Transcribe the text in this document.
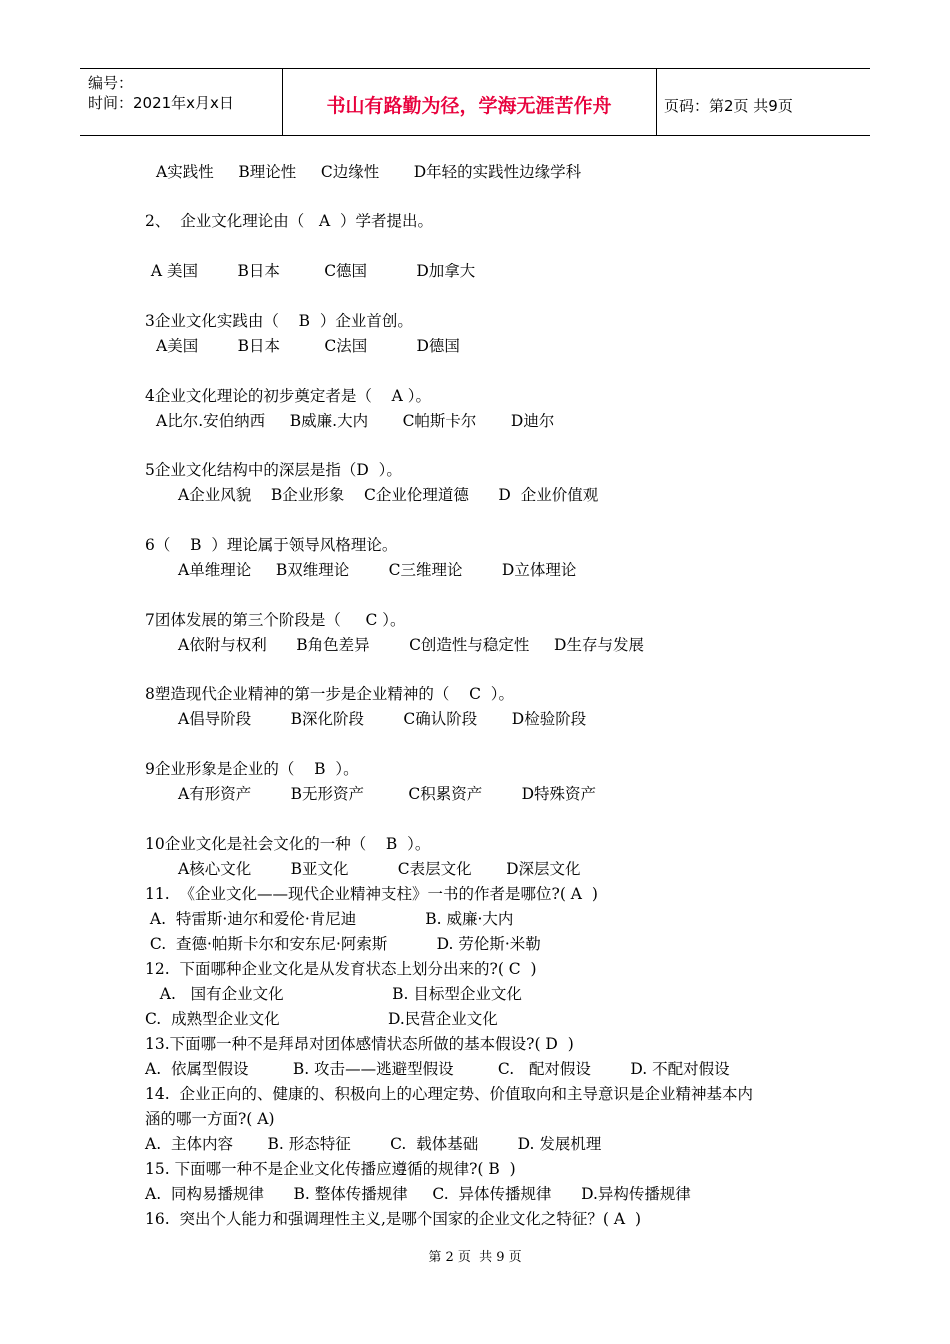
编号：
时间：2021年x月x日	书山有路勤为径，学海无涯苦作舟	页码：第2页 共9页
A实践性     B理论性     C边缘性       D年轻的实践性边缘学科
2、  企业文化理论由（   A  ）学者提出。
A 美国        B日本         C德国          D加拿大
3企业文化实践由（    B  ）企业首创。
A美国        B日本         C法国          D德国
4企业文化理论的初步奠定者是（    A ）。
A比尔.安伯纳西     B威廉.大内       C帕斯卡尔       D迪尔
5企业文化结构中的深层是指（D  ）。
A企业风貌    B企业形象    C企业伦理道德      D  企业价值观
6（    B  ）理论属于领导风格理论。
A单维理论     B双维理论        C三维理论        D立体理论
7团体发展的第三个阶段是（     C ）。
A依附与权利      B角色差异        C创造性与稳定性     D生存与发展
8塑造现代企业精神的第一步是企业精神的（    C  ）。
A倡导阶段        B深化阶段        C确认阶段       D检验阶段
9企业形象是企业的（    B  ）。
A有形资产        B无形资产         C积累资产        D特殊资产
10企业文化是社会文化的一种（    B  ）。
A核心文化        B亚文化          C表层文化       D深层文化
11.  《企业文化——现代企业精神支柱》一书的作者是哪位?( A  )
A.  特雷斯·迪尔和爱伦·肯尼迪              B. 威廉·大内
C.  查德·帕斯卡尔和安东尼·阿索斯          D. 劳伦斯·米勒
12.  下面哪种企业文化是从发育状态上划分出来的?( C  )
A.   国有企业文化                      B. 目标型企业文化
C.  成熟型企业文化                      D.民营企业文化
13.下面哪一种不是拜昂对团体感情状态所做的基本假设?( D  )
A.  依属型假设         B. 攻击——逃避型假设         C.   配对假设        D. 不配对假设
14.  企业正向的、健康的、积极向上的心理定势、价值取向和主导意识是企业精神基本内
涵的哪一方面?( A)
A.  主体内容       B. 形态特征        C.  载体基础        D. 发展机理
15. 下面哪一种不是企业文化传播应遵循的规律?( B  )
A.  同构易播规律      B. 整体传播规律     C.  异体传播规律      D.异构传播规律
16.  突出个人能力和强调理性主义,是哪个国家的企业文化之特征？( A  )
第 2 页  共 9 页
